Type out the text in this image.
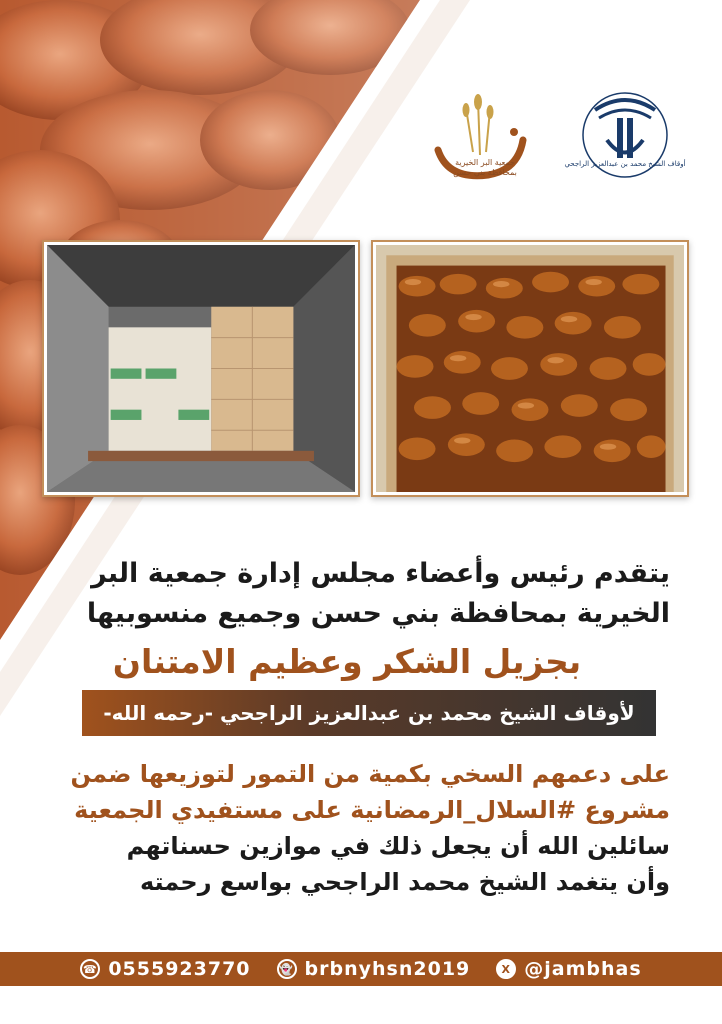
جمعية البر الخيرية بمحافظة بني حسن
أوقاف الشيخ محمد بن عبدالعزيز الراجحي
يتقدم رئيس وأعضاء مجلس إدارة جمعية البر
الخيرية بمحافظة بني حسن وجميع منسوبيها
بجزيل الشكر وعظيم الامتنان
لأوقاف الشيخ محمد بن عبدالعزيز الراجحي -رحمه الله-
على دعمهم السخي بكمية من التمور لتوزيعها ضمن
مشروع #السلال_الرمضانية على مستفيدي الجمعية
سائلين الله أن يجعل ذلك في موازين حسناتهم
وأن يتغمد الشيخ محمد الراجحي بواسع رحمته
☎ 0555923770	👻 brbnyhsn2019	X @jambhas
